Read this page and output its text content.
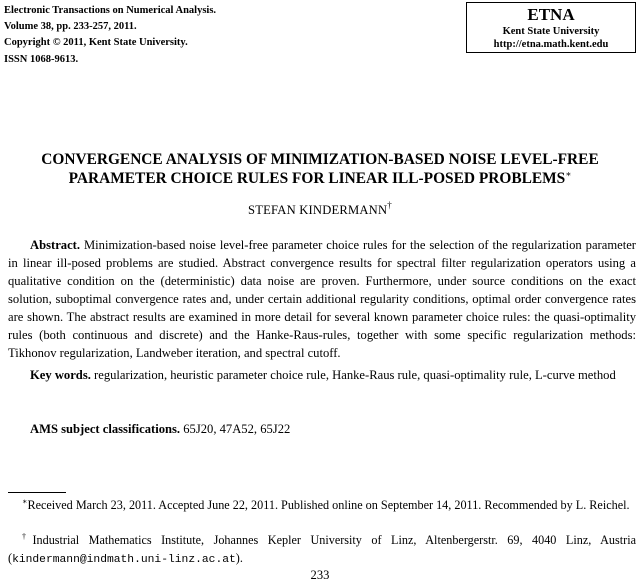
Electronic Transactions on Numerical Analysis.
Volume 38, pp. 233-257, 2011.
Copyright © 2011, Kent State University.
ISSN 1068-9613.
ETNA
Kent State University
http://etna.math.kent.edu
CONVERGENCE ANALYSIS OF MINIMIZATION-BASED NOISE LEVEL-FREE
PARAMETER CHOICE RULES FOR LINEAR ILL-POSED PROBLEMS∗
STEFAN KINDERMANN†
Abstract. Minimization-based noise level-free parameter choice rules for the selection of the regularization parameter in linear ill-posed problems are studied. Abstract convergence results for spectral filter regularization operators using a qualitative condition on the (deterministic) data noise are proven. Furthermore, under source conditions on the exact solution, suboptimal convergence rates and, under certain additional regularity conditions, optimal order convergence rates are shown. The abstract results are examined in more detail for several known parameter choice rules: the quasi-optimality rules (both continuous and discrete) and the Hanke-Raus-rules, together with some specific regularization methods: Tikhonov regularization, Landweber iteration, and spectral cutoff.
Key words. regularization, heuristic parameter choice rule, Hanke-Raus rule, quasi-optimality rule, L-curve method
AMS subject classifications. 65J20, 47A52, 65J22
∗Received March 23, 2011. Accepted June 22, 2011. Published online on September 14, 2011. Recommended by L. Reichel.
†Industrial Mathematics Institute, Johannes Kepler University of Linz, Altenbergerstr. 69, 4040 Linz, Austria (kindermann@indmath.uni-linz.ac.at).
233
